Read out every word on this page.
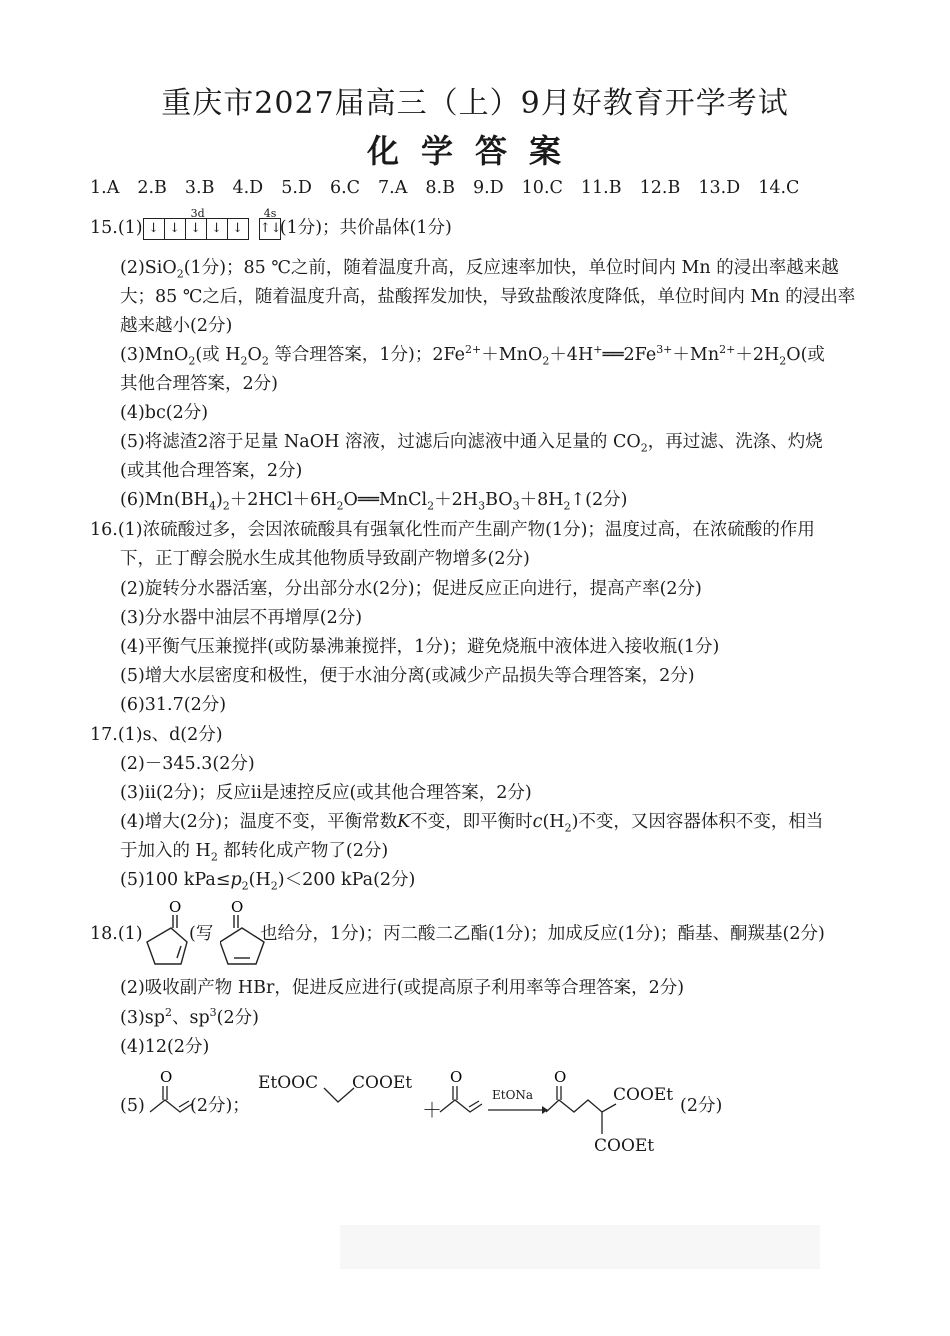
重庆市2027届高三（上）9月好教育开学考试
化学答案
1.A 2.B 3.B 4.D 5.D 6.C 7.A 8.B 9.D 10.C 11.B 12.B 13.D 14.C
15.(1)
3d
↓ ↓ ↓ ↓ ↓
4s
↑↓(1分)；共价晶体(1分)
(2)SiO$_2$(1分)；85 ℃之前，随着温度升高，反应速率加快，单位时间内 Mn 的浸出率越来越
大；85 ℃之后，随着温度升高，盐酸挥发加快，导致盐酸浓度降低，单位时间内 Mn 的浸出率
越来越小(2分)
(3)MnO$_2$(或 $H_2O_2$ 等合理答案，1分)；$2Fe^{2+}+MnO_2+4H^+══2Fe^{3+}+Mn^{2+}+2H_2O$(或
其他合理答案，2分)
(4)bc(2分)
(5)将滤渣2溶于足量 NaOH 溶液，过滤后向滤液中通入足量的 $CO_2$，再过滤、洗涤、灼烧
(或其他合理答案，2分)
$(6)Mn(BH_4)_2+2HCl+6H_2O══MnCl_2+2H_3BO_3+8H_2↑(2$分)
16.(1)浓硫酸过多，会因浓硫酸具有强氧化性而产生副产物(1分)；温度过高，在浓硫酸的作用
下，正丁醇会脱水生成其他物质导致副产物增多(2分)
(2)旋转分水器活塞，分出部分水(2分)；促进反应正向进行，提高产率(2分)
(3)分水器中油层不再增厚(2分)
(4)平衡气压兼搅拌(或防暴沸兼搅拌，1分)；避免烧瓶中液体进入接收瓶(1分)
(5)增大水层密度和极性，便于水油分离(或减少产品损失等合理答案，2分)
(6)31.7(2分)
17.(1)s、d(2分)
(2)－345.3(2分)
(3)ⅱ(2分)；反应ⅱ是速控反应(或其他合理答案，2分)
(4)增大(2分)；温度不变，平衡常数K不变，即平衡时$c(H_2)$不变，又因容器体积不变，相当
于加入的 $H_2$ 都转化成产物了(2分)
(5)100 $kPa\le p_2(H_2)<200$ kPa(2分)
18.(1)
O
(写
O
也给分，1分)；丙二酸二乙酯(1分)；加成反应(1分)；酯基、酮羰基(2分)
(2)吸收副产物 HBr，促进反应进行(或提高原子利用率等合理答案，2分)
$(3)sp^2$、$sp^3(2$分)
(4)12(2分)
(5)
O
(2分)；
EtOOC COOEt
＋
O
EtONa
O
COOEt
COOEt
(2分)
